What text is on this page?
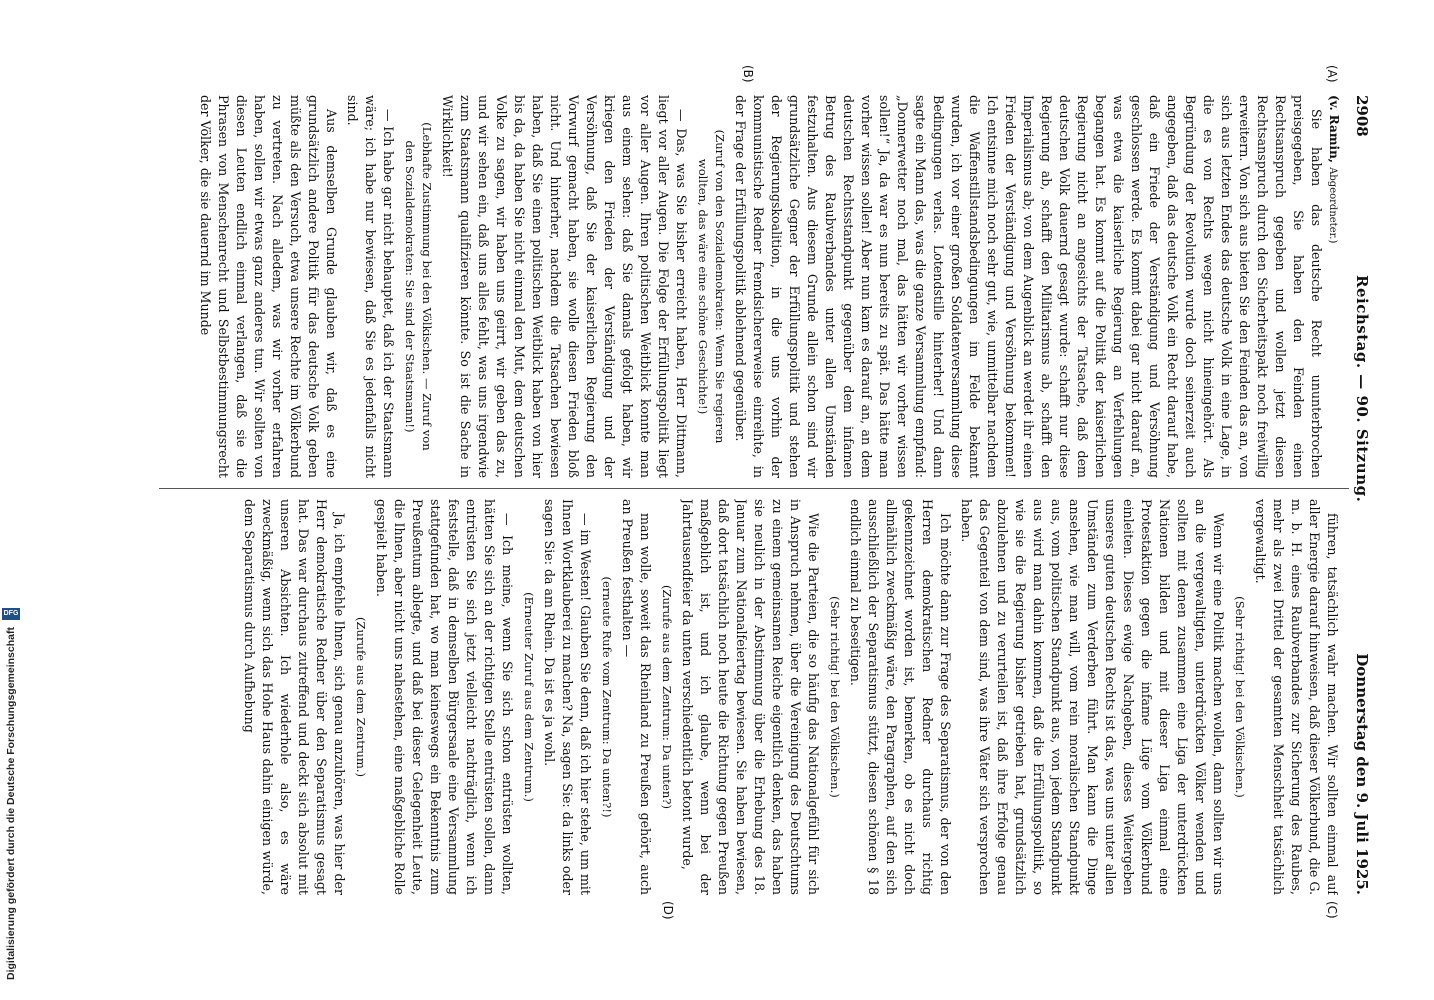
2908
Reichstag. — 90. Sitzung.
Donnerstag den 9. Juli 1925.
(v. Ramin, Abgeordneter.)

Sie haben das deutsche Recht ununterbrochen preisgegeben, Sie haben den Feinden einen Rechtsanspruch gegeben und wollen jetzt diesen Rechtsanspruch durch den Sicherheitspakt noch freiwillig erweitern. Von sich aus bieten Sie den Feinden das an, von sich aus letzten Endes das deutsche Volk in eine Lage, in die es von Rechts wegen nicht hineingehört. Als Begründung der Revolution wurde doch seinerzeit auch angegeben, daß das deutsche Volk ein Recht darauf habe, daß ein Friede der Verständigung und Versöhnung geschlossen werde. Es kommt dabei gar nicht darauf an, was etwa die kaiserliche Regierung an Verfehlungen begangen hat. Es kommt auf die Politik der kaiserlichen Regierung nicht an angesichts der Tatsache, daß dem deutschen Volk dauernd gesagt wurde: schafft nur diese Regierung ab, schafft den Militarismus ab, schafft den Imperialismus ab; von dem Augenblick an werdet ihr einen Frieden der Verständigung und Versöhnung bekommen! Ich entsinne mich noch sehr gut, wie, unmittelbar nachdem die Waffenstillstandsbedingungen im Felde bekannt wurden, ich vor einer großen Soldatenversammlung diese Bedingungen verlas. Lotendstille hinterher! Und dann sagte ein Mann das, was die ganze Versammlung empfand: „Donnerwetter noch mal, das hätten wir vorher wissen sollen!“ Ja, da war es nun bereits zu spät. Das hätte man vorher wissen sollen! Aber nun kam es darauf an, an dem deutschen Rechtsstandpunkt gegenüber dem infamen Betrug des Raubverbandes unter allen Umständen festzuhalten. Aus diesem Grunde allein schon sind wir grundsätzliche Gegner der Erfüllungspolitik und stehen der Regierungskoalition, in die uns vorhin der kommunistische Redner fremdsichererweise einreihte, in der Frage der Erfüllungspolitik ablehnend gegenüber.

(Zuruf von den Sozialdemokraten: Wenn Sie regieren wollten, das wäre eine schöne Geschichte!)

— Das, was Sie bisher erreicht haben, Herr Dittmann, liegt vor aller Augen. Die Folge der Erfüllungspolitik liegt vor aller Augen. Ihren politischen Weitblick konnte man aus einem sehen: daß Sie damals gefolgt haben, wir kriegen den Frieden der Verständigung und der Versöhnung, daß Sie der kaiserlichen Regierung den Vorwurf gemacht haben, sie wolle diesen Frieden bloß nicht. Und hinterher, nachdem die Tatsachen bewiesen haben, daß Sie einen politischen Weitblick haben von hier bis da, da haben Sie nicht einmal den Mut, dem deutschen Volke zu sagen, wir haben uns geirrt, wir geben das zu, und wir sehen ein, daß uns alles fehlt, was uns irgendwie zum Staatsmann qualifizieren könnte. So ist die Sache in Wirklichkeit!

(Lebhafte Zustimmung bei den Völkischen. — Zuruf von den Sozialdemokraten: Sie sind der Staatsmann!)

— Ich habe gar nicht behauptet, daß ich der Staatsmann wäre; ich habe nur bewiesen, daß Sie es jedenfalls nicht sind.

Aus demselben Grunde glauben wir, daß es eine grundsätzlich andere Politik für das deutsche Volk geben müßte als den Versuch, etwa unsere Rechte im Völkerbund zu vertreten. Nach alledem, was wir vorher erfahren haben, sollen wir etwas ganz anderes tun. Wir sollten von diesen Leuten endlich einmal verlangen, daß sie die Phrasen von Menschenrecht und Selbstbestimmungsrecht der Völker, die sie dauernd im Munde

führen, tatsächlich wahr machen. Wir sollten einmal auf aller Energie darauf hinweisen, daß dieser Völkerbund, die G. m. b. H. eines Raubverbandes zur Sicherung des Raubes, mehr als zwei Drittel der gesamten Menschheit tatsächlich vergewaltigt.

(Sehr richtig! bei den Völkischen.)

Wenn wir eine Politik machen wollen, dann sollten wir uns an die vergewaltigten, unterdrückten Völker wenden und sollten mit denen zusammen eine Liga der unterdrückten Nationen bilden und mit dieser Liga einmal eine Protestaktion gegen die infame Lüge vom Völkerbund einleiten. Dieses ewige Nachgeben, dieses Weitergeben unseres guten deutschen Rechts ist das, was uns unter allen Umständen zum Verderben führt. Man kann die Dinge ansehen, wie man will, vom rein moralischen Standpunkt aus, vom politischen Standpunkt aus, von jedem Standpunkt aus wird man dahin kommen, daß die Erfüllungspolitik, so wie sie die Regierung bisher getrieben hat, grundsätzlich abzulehnen und zu verurteilen ist, daß ihre Erfolge genau das Gegenteil von dem sind, was ihre Väter sich versprochen haben.

Ich möchte dann zur Frage des Separatismus, der von den Herren demokratischen Redner durchaus richtig gekennzeichnet worden ist, bemerken, ob es nicht doch allmählich zweckmäßig wäre, den Paragraphen, auf den sich ausschließlich der Separatismus stützt, diesen schönen § 18 endlich einmal zu beseitigen.

(Sehr richtig! bei den Völkischen.)

Wie die Parteien, die so häufig das Nationalgefühl für sich in Anspruch nehmen, über die Vereinigung des Deutschtums zu einem gemeinsamen Reiche eigentlich denken, das haben sie neulich in der Abstimmung über die Erhebung des 18. Januar zum Nationalfeiertag bewiesen. Sie haben bewiesen, daß dort tatsächlich noch heute die Richtung gegen Preußen maßgeblich ist, und ich glaube, wenn bei der Jahrtausendfeier da unten verschiedentlich betont wurde,

(Zurufe aus dem Zentrum: Da unten?)

man wolle, soweit das Rheinland zu Preußen gehört, auch an Preußen festhalten —

(erneute Rufe vom Zentrum: Da unten?!)

— im Westen! Glauben Sie denn, daß ich hier stehe, um mit Ihnen Wortklauberei zu machen? Na, sagen Sie: da links oder sagen Sie: da am Rhein. Da ist es ja wohl.

(Erneuter Zuruf aus dem Zentrum.)

— Ich meine, wenn Sie sich schon entrüsten wollten, hätten Sie sich an der richtigen Stelle entrüsten sollen, dann entrüsten Sie sich jetzt vielleicht nachträglich, wenn ich feststelle, daß in demselben Bürgersaale eine Versammlung stattgefunden hat, wo man keineswegs ein Bekenntnis zum Preußentum ablegte, und daß bei dieser Gelegenheit Leute, die Ihnen, aber nicht uns nahestehen, eine maßgebliche Rolle gespielt haben.

(Zurufe aus dem Zentrum.)

Ja, ich empfehle Ihnen, sich genau anzuhören, was hier der Herr demokratische Redner über den Separatismus gesagt hat. Das war durchaus zutreffend und deckt sich absolut mit unseren Absichten. Ich wiederhole also, es wäre zweckmäßig, wenn sich das Hohe Haus dahin einigen würde, dem Separatismus durch Aufhebung

(A)
(B)
(C)
(D)
Digitalisierung gefördert durch die Deutsche Forschungsgemeinschaft
DFG
